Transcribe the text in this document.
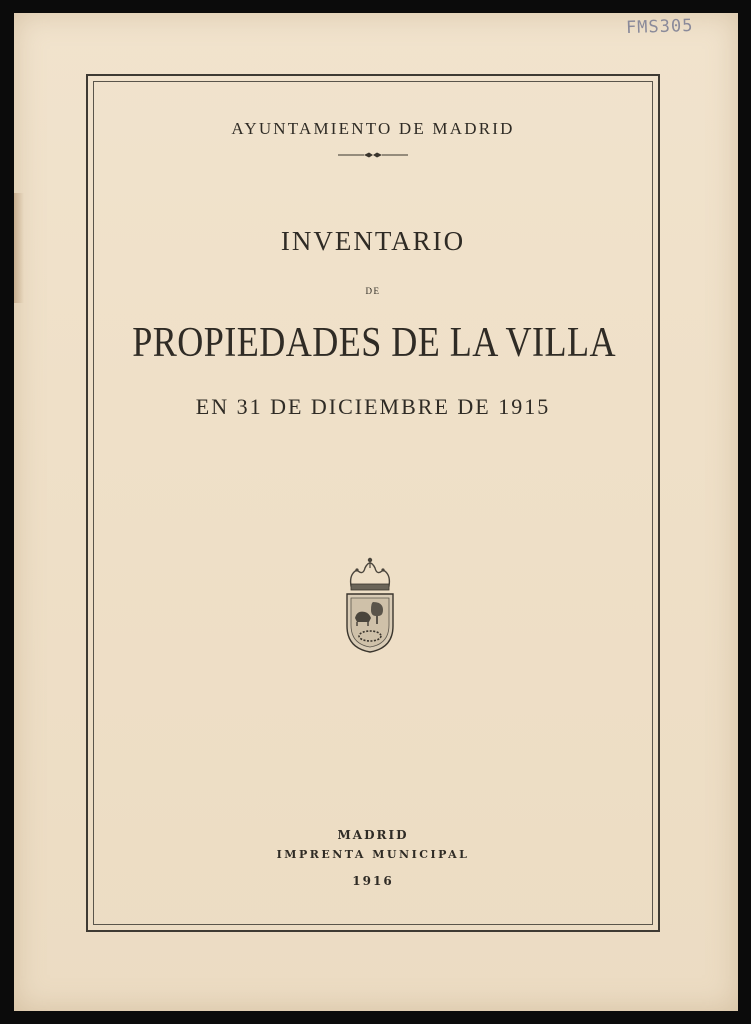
FMS305
AYUNTAMIENTO DE MADRID
INVENTARIO
DE
PROPIEDADES DE LA VILLA
EN 31 DE DICIEMBRE DE 1915
MADRID
IMPRENTA MUNICIPAL
1916
